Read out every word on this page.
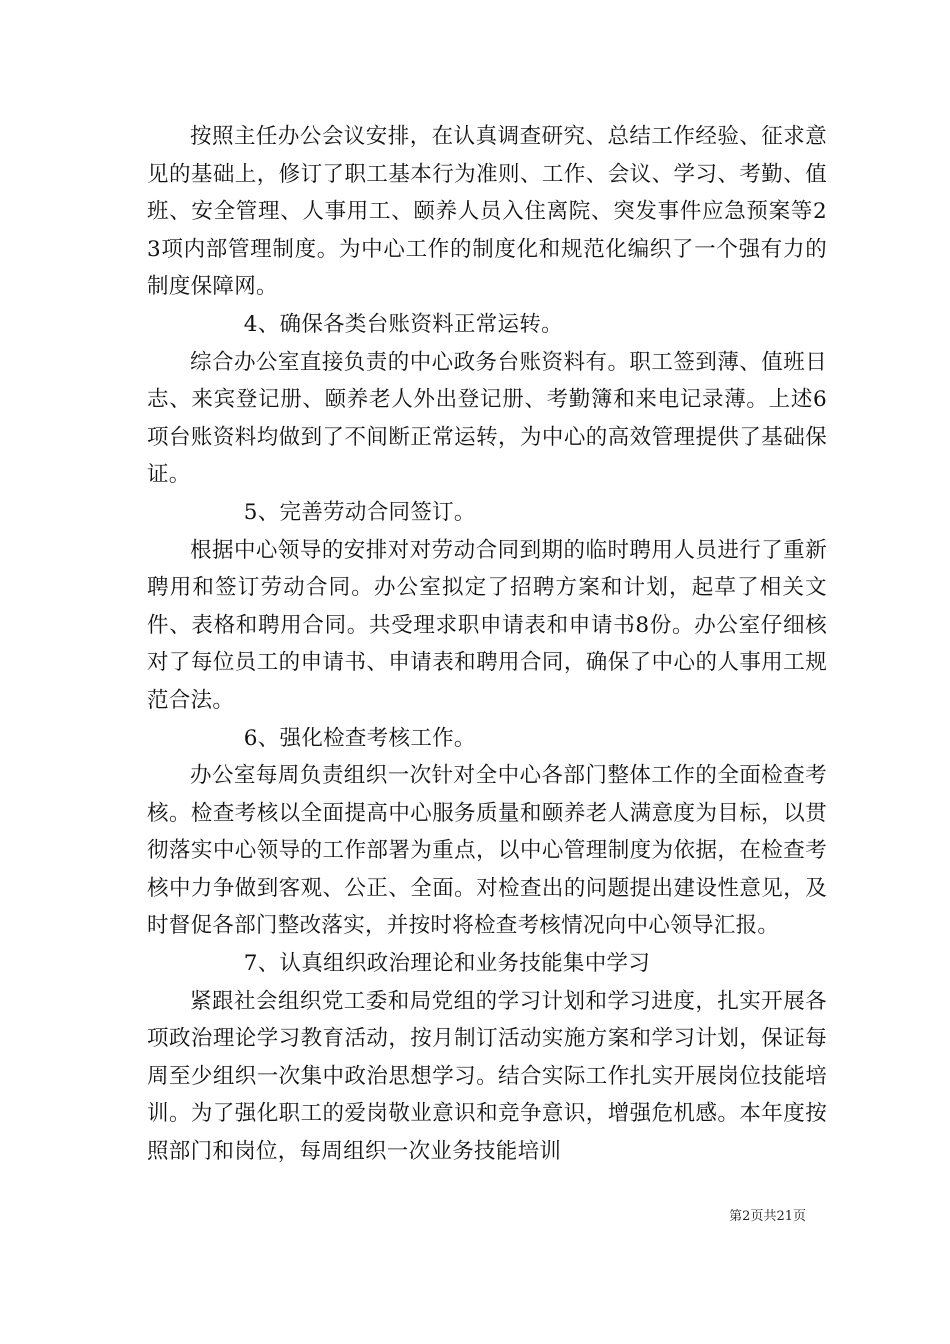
按照主任办公会议安排，在认真调查研究、总结工作经验、征求意见的基础上，修订了职工基本行为准则、工作、会议、学习、考勤、值班、安全管理、人事用工、颐养人员入住离院、突发事件应急预案等23项内部管理制度。为中心工作的制度化和规范化编织了一个强有力的制度保障网。

4、确保各类台账资料正常运转。

综合办公室直接负责的中心政务台账资料有。职工签到薄、值班日志、来宾登记册、颐养老人外出登记册、考勤簿和来电记录薄。上述6项台账资料均做到了不间断正常运转，为中心的高效管理提供了基础保证。

5、完善劳动合同签订。

根据中心领导的安排对对劳动合同到期的临时聘用人员进行了重新聘用和签订劳动合同。办公室拟定了招聘方案和计划，起草了相关文件、表格和聘用合同。共受理求职申请表和申请书8份。办公室仔细核对了每位员工的申请书、申请表和聘用合同，确保了中心的人事用工规范合法。

6、强化检查考核工作。

办公室每周负责组织一次针对全中心各部门整体工作的全面检查考核。检查考核以全面提高中心服务质量和颐养老人满意度为目标，以贯彻落实中心领导的工作部署为重点，以中心管理制度为依据，在检查考核中力争做到客观、公正、全面。对检查出的问题提出建设性意见，及时督促各部门整改落实，并按时将检查考核情况向中心领导汇报。

7、认真组织政治理论和业务技能集中学习

紧跟社会组织党工委和局党组的学习计划和学习进度，扎实开展各项政治理论学习教育活动，按月制订活动实施方案和学习计划，保证每周至少组织一次集中政治思想学习。结合实际工作扎实开展岗位技能培训。为了强化职工的爱岗敬业意识和竞争意识，增强危机感。本年度按照部门和岗位，每周组织一次业务技能培训

第2页共21页
